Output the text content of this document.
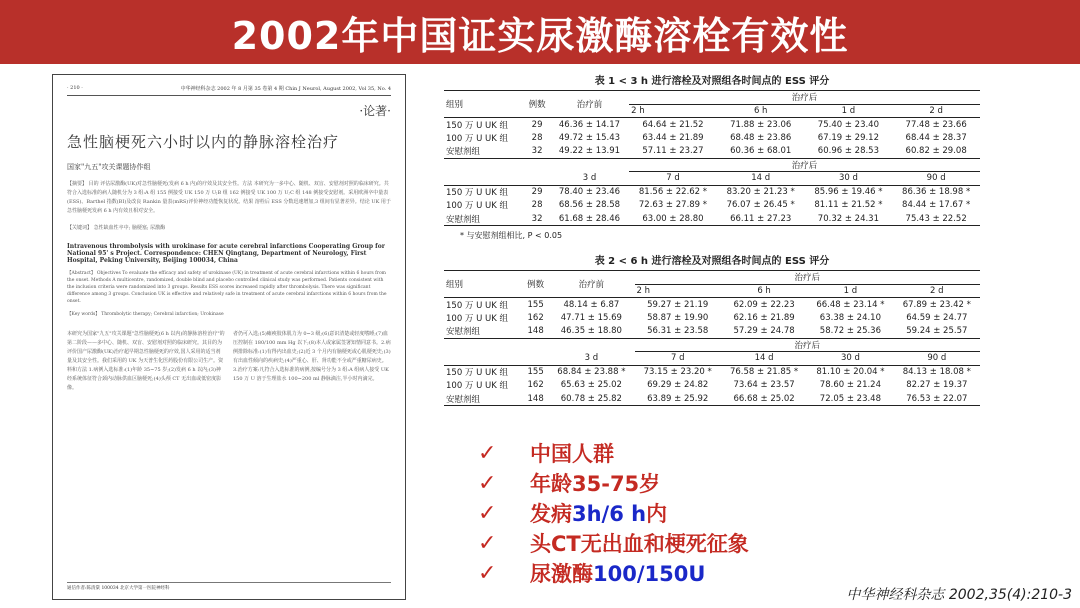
2002年中国证实尿激酶溶栓有效性
· 210 ·	中华神经科杂志 2002 年 8 月第 35 卷第 4 期 Chin J Neurol, August 2002, Vol 35, No. 4
·论著·
急性脑梗死六小时以内的静脉溶栓治疗
国家"九五"攻关课题协作组
【摘要】 目的 评估尿激酶(UK)对急性脑梗死(发病 6 h 内)的疗效及其安全性。方法 本研究为一多中心、随机、双盲、安慰剂对照的临床研究。共符合入选标准的病人随机分为 3 组:A 组 155 例接受 UK 150 万 U;B 组 162 例接受 UK 100 万 U;C 组 148 例接受安慰剂。采用欧洲卒中量表(ESS)、Barthel 指数(BI)及改良 Rankin 量表(mRS)评价神经功能恢复状况。结果 溶栓后 ESS 分数迅速增加,3 组间有显著差异。结论 UK 用于急性脑梗死发病 6 h 内有效且相对安全。
【关键词】 急性缺血性卒中; 脑梗塞; 尿激酶
Intravenous thrombolysis with urokinase for acute cerebral infarctions Cooperating Group for National 95' s Project. Correspondence: CHEN Qingtang, Department of Neurology, First Hospital, Peking University, Beijing 100034, China
【Abstract】 Objectives To evaluate the efficacy and safety of urokinase (UK) in treatment of acute cerebral infarctions within 6 hours from the onset. Methods A multicentre, randomized, double blind and placebo controlled clinical study was performed. Patients consistent with the inclusion criteria were randomized into 3 groups. Results ESS scores increased rapidly after thrombolysis. There was significant difference among 3 groups. Conclusion UK is effective and relatively safe in treatment of acute cerebral infarctions within 6 hours from the onset.
【Key words】 Thrombolytic therapy; Cerebral infarction; Urokinase
本研究为国家"九五"攻关课题"急性脑梗死(6 h 以内)的静脉溶栓治疗"的第二阶段——多中心、随机、双盲、安慰剂对照的临床研究。其目的为评价国产尿激酶(UK)治疗超早期急性脑梗死的疗效,国人采用的适当剂量及其安全性。我们采用的 UK 为天普生化医药股份有限公司生产。资料和方法 1.病例入选标准:(1)年龄 35~75 岁;(2)发病 6 h 以内;(3)神经系统体征符合颈内动脉供血区脑梗死;(4)头颅 CT 无出血或低密度影像。
者仍可入选;(5)瘫痪肢体肌力为 0~3 级;(6)意识清楚或轻度嗜睡;(7)血压控制在 180/100 mm Hg 以下;(8)本人或家属签署知情同意书。2.病例排除标准:(1)有得内出血史;(2)近 3 个月内有脑梗死或心肌梗死史;(3)有出血性倾向的疾病史;(4)严重心、肝、肾功能不全或严重糖尿病史。3.治疗方案:凡符合入选标准的病例,按编号分为 3 组:A 组病人接受 UK 150 万 U 溶于生理盐水 100~200 ml 静脉滴注,半小时内滴完。
通信作者:陈清棠 100034 北京大学第一医院神经科
表 1 < 3 h 进行溶栓及对照组各时间点的 ESS 评分
组别	例数	治疗前	治疗后			
			2 h	6 h	1 d	2 d
150 万 U UK 组	29	46.36 ± 14.17	64.64 ± 21.52	71.88 ± 23.06	75.40 ± 23.40	77.48 ± 23.66
100 万 U UK 组	28	49.72 ± 15.43	63.44 ± 21.89	68.48 ± 23.86	67.19 ± 29.12	68.44 ± 28.37
安慰剂组	32	49.22 ± 13.91	57.11 ± 23.27	60.36 ± 68.01	60.96 ± 28.53	60.82 ± 29.08
			治疗后			
		3 d	7 d	14 d	30 d	90 d
150 万 U UK 组	29	78.40 ± 23.46	81.56 ± 22.62 *	83.20 ± 21.23 *	85.96 ± 19.46 *	86.36 ± 18.98 *
100 万 U UK 组	28	68.56 ± 28.58	72.63 ± 27.89 *	76.07 ± 26.45 *	81.11 ± 21.52 *	84.44 ± 17.67 *
安慰剂组	32	61.68 ± 28.46	63.00 ± 28.80	66.11 ± 27.23	70.32 ± 24.31	75.43 ± 22.52
* 与安慰剂组相比, P < 0.05
表 2 < 6 h 进行溶栓及对照组各时间点的 ESS 评分
组别	例数	治疗前	治疗后			
			2 h	6 h	1 d	2 d
150 万 U UK 组	155	48.14 ± 6.87	59.27 ± 21.19	62.09 ± 22.23	66.48 ± 23.14 *	67.89 ± 23.42 *
100 万 U UK 组	162	47.71 ± 15.69	58.87 ± 19.90	62.16 ± 21.89	63.38 ± 24.10	64.59 ± 24.77
安慰剂组	148	46.35 ± 18.80	56.31 ± 23.58	57.29 ± 24.78	58.72 ± 25.36	59.24 ± 25.57
			治疗后			
		3 d	7 d	14 d	30 d	90 d
150 万 U UK 组	155	68.84 ± 23.88 *	73.15 ± 23.20 *	76.58 ± 21.85 *	81.10 ± 20.04 *	84.13 ± 18.08 *
100 万 U UK 组	162	65.63 ± 25.02	69.29 ± 24.82	73.64 ± 23.57	78.60 ± 21.24	82.27 ± 19.37
安慰剂组	148	60.78 ± 25.82	63.89 ± 25.92	66.68 ± 25.02	72.05 ± 23.48	76.53 ± 22.07
✓	中国人群
✓	年龄35-75岁
✓	发病3h/6 h内
✓	头CT无出血和梗死征象
✓	尿激酶100/150U
中华神经科杂志 2002,35(4):210-3
